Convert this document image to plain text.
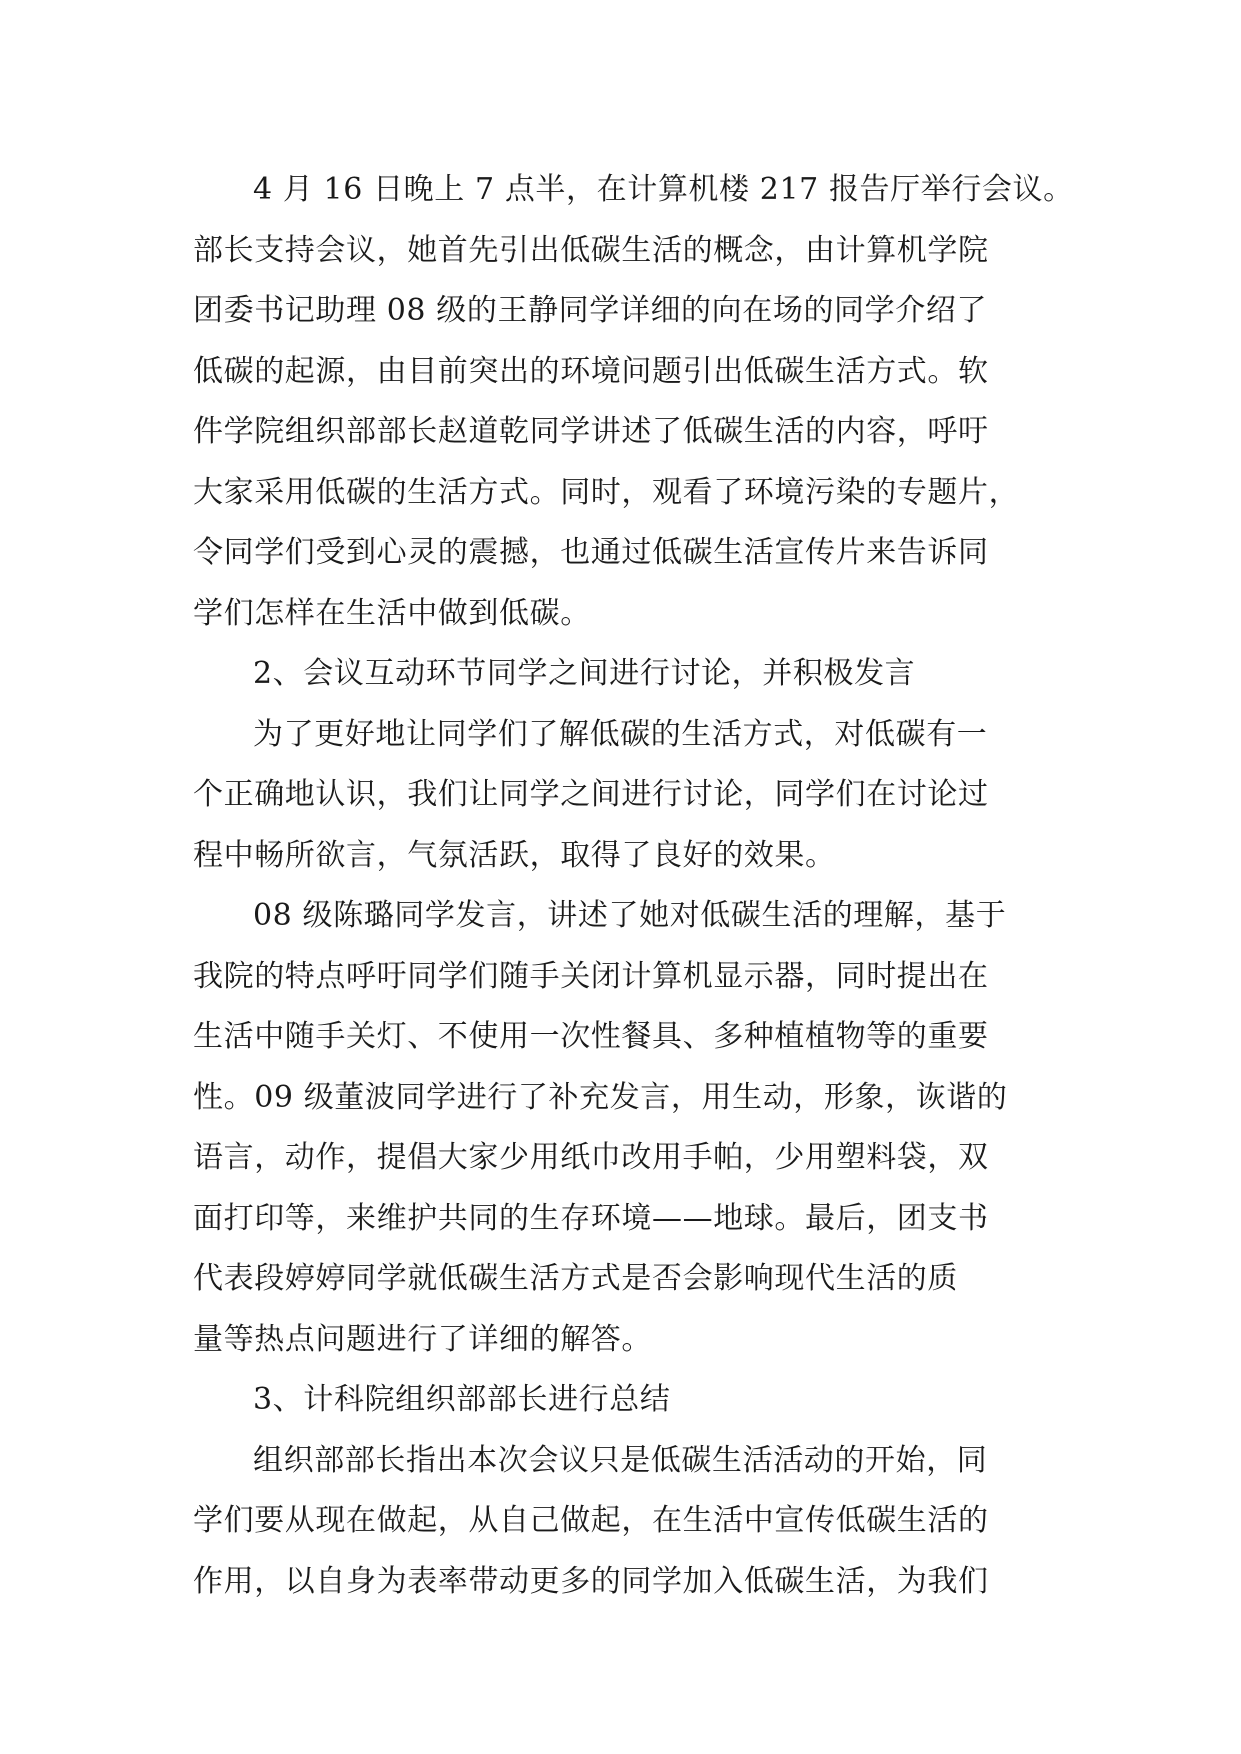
4 月 16 日晚上 7 点半，在计算机楼 217 报告厅举行会议。
部长支持会议，她首先引出低碳生活的概念，由计算机学院
团委书记助理 08 级的王静同学详细的向在场的同学介绍了
低碳的起源，由目前突出的环境问题引出低碳生活方式。软
件学院组织部部长赵道乾同学讲述了低碳生活的内容，呼吁
大家采用低碳的生活方式。同时，观看了环境污染的专题片，
令同学们受到心灵的震撼，也通过低碳生活宣传片来告诉同
学们怎样在生活中做到低碳。
2、会议互动环节同学之间进行讨论，并积极发言
为了更好地让同学们了解低碳的生活方式，对低碳有一
个正确地认识，我们让同学之间进行讨论，同学们在讨论过
程中畅所欲言，气氛活跃，取得了良好的效果。
08 级陈璐同学发言，讲述了她对低碳生活的理解，基于
我院的特点呼吁同学们随手关闭计算机显示器，同时提出在
生活中随手关灯、不使用一次性餐具、多种植植物等的重要
性。09 级董波同学进行了补充发言，用生动，形象，诙谐的
语言，动作，提倡大家少用纸巾改用手帕，少用塑料袋，双
面打印等，来维护共同的生存环境——地球。最后，团支书
代表段婷婷同学就低碳生活方式是否会影响现代生活的质
量等热点问题进行了详细的解答。
3、计科院组织部部长进行总结
组织部部长指出本次会议只是低碳生活活动的开始，同
学们要从现在做起，从自己做起，在生活中宣传低碳生活的
作用，以自身为表率带动更多的同学加入低碳生活，为我们
